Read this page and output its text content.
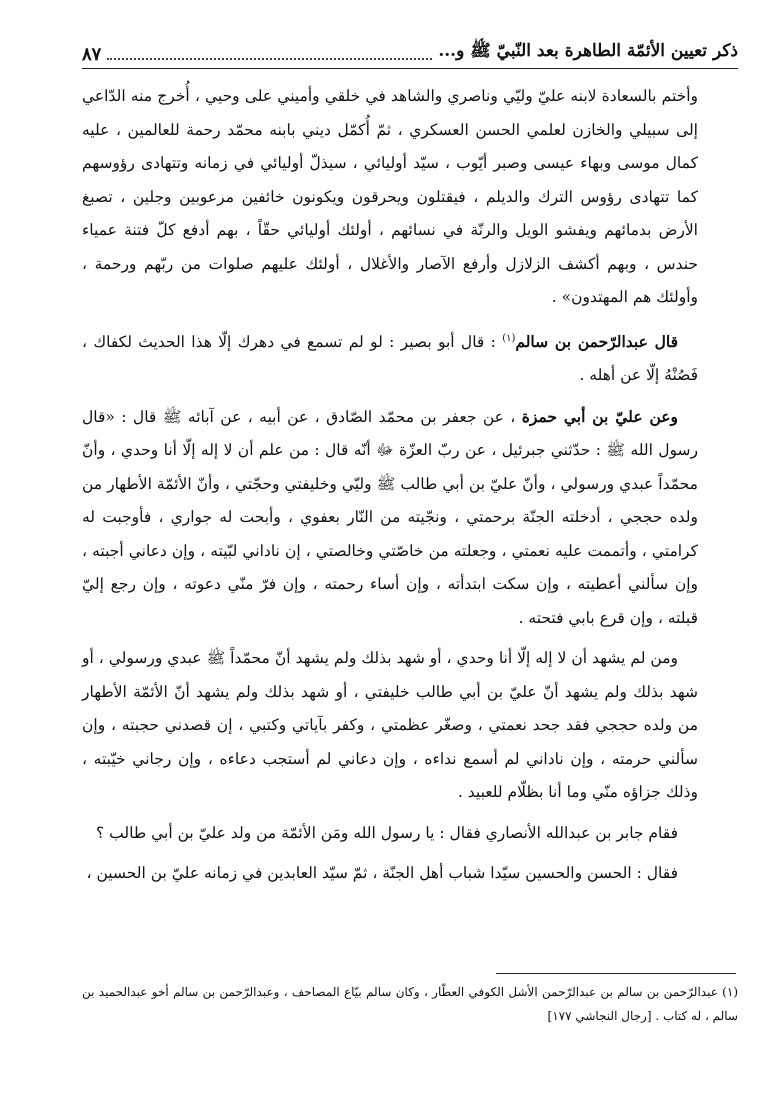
ذكر تعيين الأئمّة الطاهرة بعد النّبيّ ﷺ و...
٨٧

وأختم بالسعادة لابنه عليّ وليّي وناصري والشاهد في خلقي وأميني على وحيي ، أُخرج منه الدّاعي إلى سبيلي والخازن لعلمي الحسن العسكري ، ثمّ أُكمّل ديني بابنه محمّد رحمة للعالمين ، عليه كمال موسى وبهاء عيسى وصبر أيّوب ، سيّد أوليائي ، سيذلّ أوليائي في زمانه وتتهادى رؤوسهم كما تتهادى رؤوس الترك والديلم ، فيقتلون ويحرقون ويكونون خائفين مرعوبين وجلين ، تصبغ الأرض بدمائهم ويفشو الويل والرنّة في نسائهم ، أولئك أوليائي حقّاً ، بهم أدفع كلّ فتنة عمياء حندس ، وبهم أكشف الزلازل وأرفع الآصار والأغلال ، أولئك عليهم صلوات من ربّهم ورحمة ، وأولئك هم المهتدون» .

قال عبدالرّحمن بن سالم$^{(١)}$ : قال أبو بصير : لو لم تسمع في دهرك إلّا هذا الحديث لكفاك ، فَصُنْهُ إلّا عن أهله .

وعن عليّ بن أبي حمزة ، عن جعفر بن محمّد الصّادق ، عن أبيه ، عن آبائه ﷺ قال : «قال رسول الله ﷺ : حدّثني جبرئيل ، عن ربّ العزّة ﷻ أنّه قال : من علم أن لا إله إلّا أنا وحدي ، وأنّ محمّداً عبدي ورسولي ، وأنّ عليّ بن أبي طالب ﷺ وليّي وخليفتي وحجّتي ، وأنّ الأئمّة الأطهار من ولده حججي ، أدخلته الجنّة برحمتي ، ونجّيته من النّار بعفوي ، وأبحت له جواري ، فأوجبت له كرامتي ، وأتممت عليه نعمتي ، وجعلته من خاصّتي وخالصتي ، إن ناداني لبّيته ، وإن دعاني أجبته ، وإن سألني أعطيته ، وإن سكت ابتدأته ، وإن أساء رحمته ، وإن فرّ منّي دعوته ، وإن رجع إليّ قبلته ، وإن قرع بابي فتحته .

ومن لم يشهد أن لا إله إلّا أنا وحدي ، أو شهد بذلك ولم يشهد أنّ محمّداً ﷺ عبدي ورسولي ، أو شهد بذلك ولم يشهد أنّ عليّ بن أبي طالب خليفتي ، أو شهد بذلك ولم يشهد أنّ الأئمّة الأطهار من ولده حججي فقد جحد نعمتي ، وصغّر عظمتي ، وكفر بآياتي وكتبي ، إن قصدني حجبته ، وإن سألني حرمته ، وإن ناداني لم أسمع نداءه ، وإن دعاني لم أستجب دعاءه ، وإن رجاني خيّبته ، وذلك جزاؤه منّي وما أنا بظلّام للعبيد .

فقام جابر بن عبدالله الأنصاري فقال : يا رسول الله ومَن الأئمّة من ولد عليّ بن أبي طالب ؟

فقال : الحسن والحسين سيّدا شباب أهل الجنّة ، ثمّ سيّد العابدين في زمانه عليّ بن الحسين ،

(١) عبدالرّحمن بن سالم بن عبدالرّحمن الأشل الكوفي العطّار ، وكان سالم بيّاع المصاحف ، وعبدالرّحمن بن سالم أخو عبدالحميد بن سالم ، له كتاب . [رجال النجاشي ١٧٧]
